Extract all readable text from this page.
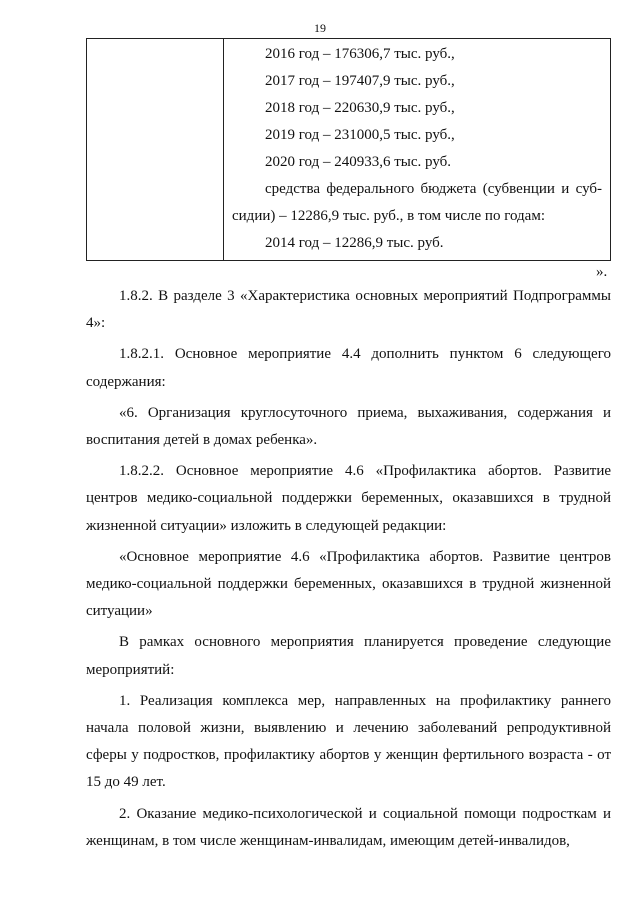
19

2016 год – 176306,7 тыс. руб.,
2017 год – 197407,9 тыс. руб.,
2018 год – 220630,9 тыс. руб.,
2019 год – 231000,5 тыс. руб.,
2020 год – 240933,6 тыс. руб.
средства федерального бюджета (субвенции и суб-
сидии) – 12286,9 тыс. руб., в том числе по годам:
2014 год – 12286,9 тыс. руб.
».

1.8.2. В разделе 3 «Характеристика основных мероприятий Подпрограммы 4»:

1.8.2.1. Основное мероприятие 4.4 дополнить пунктом 6 следующего содержания:

«6. Организация круглосуточного приема, выхаживания, содержания и воспитания детей в домах ребенка».

1.8.2.2. Основное мероприятие 4.6 «Профилактика абортов. Развитие центров медико-социальной поддержки беременных, оказавшихся в трудной жизненной ситуации» изложить в следующей редакции:

«Основное мероприятие 4.6 «Профилактика абортов. Развитие центров медико-социальной поддержки беременных, оказавшихся в трудной жизненной ситуации»

В рамках основного мероприятия планируется проведение следующие мероприятий:

1. Реализация комплекса мер, направленных на профилактику раннего начала половой жизни, выявлению и лечению заболеваний репродуктивной сферы у подростков, профилактику абортов у женщин фертильного возраста - от 15 до 49 лет.

2. Оказание медико-психологической и социальной помощи подросткам и женщинам, в том числе женщинам-инвалидам, имеющим детей-инвалидов,
